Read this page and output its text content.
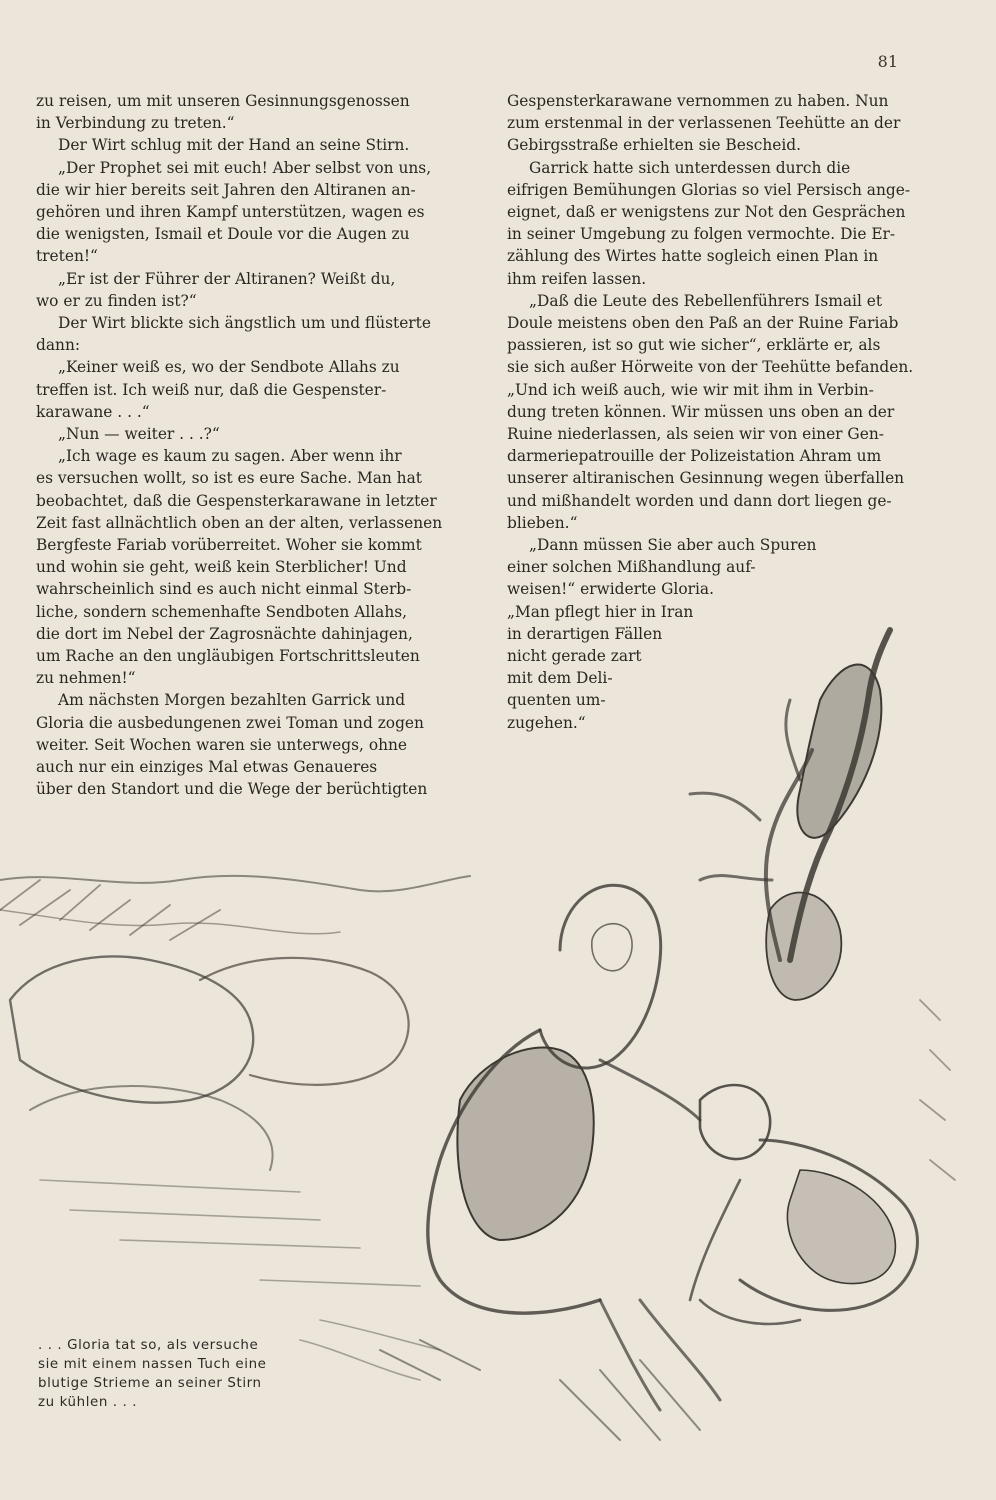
81

zu reisen, um mit unseren Gesinnungsgenossen
in Verbindung zu treten.“

Der Wirt schlug mit der Hand an seine Stirn.

„Der Prophet sei mit euch! Aber selbst von uns,
die wir hier bereits seit Jahren den Altiranen an-
gehören und ihren Kampf unterstützen, wagen es
die wenigsten, Ismail et Doule vor die Augen zu
treten!“

„Er ist der Führer der Altiranen? Weißt du,
wo er zu finden ist?“

Der Wirt blickte sich ängstlich um und flüsterte
dann:

„Keiner weiß es, wo der Sendbote Allahs zu
treffen ist. Ich weiß nur, daß die Gespenster-
karawane . . .“

„Nun — weiter . . .?“

„Ich wage es kaum zu sagen. Aber wenn ihr
es versuchen wollt, so ist es eure Sache. Man hat
beobachtet, daß die Gespensterkarawane in letzter
Zeit fast allnächtlich oben an der alten, verlassenen
Bergfeste Fariab vorüberreitet. Woher sie kommt
und wohin sie geht, weiß kein Sterblicher! Und
wahrscheinlich sind es auch nicht einmal Sterb-
liche, sondern schemenhafte Sendboten Allahs,
die dort im Nebel der Zagrosnächte dahinjagen,
um Rache an den ungläubigen Fortschrittsleuten
zu nehmen!“

Am nächsten Morgen bezahlten Garrick und
Gloria die ausbedungenen zwei Toman und zogen
weiter. Seit Wochen waren sie unterwegs, ohne
auch nur ein einziges Mal etwas Genaueres
über den Standort und die Wege der berüchtigten

Gespensterkarawane vernommen zu haben. Nun
zum erstenmal in der verlassenen Teehütte an der
Gebirgsstraße erhielten sie Bescheid.

Garrick hatte sich unterdessen durch die
eifrigen Bemühungen Glorias so viel Persisch ange-
eignet, daß er wenigstens zur Not den Gesprächen
in seiner Umgebung zu folgen vermochte. Die Er-
zählung des Wirtes hatte sogleich einen Plan in
ihm reifen lassen.

„Daß die Leute des Rebellenführers Ismail et
Doule meistens oben den Paß an der Ruine Fariab
passieren, ist so gut wie sicher“, erklärte er, als
sie sich außer Hörweite von der Teehütte befanden.
„Und ich weiß auch, wie wir mit ihm in Verbin-
dung treten können. Wir müssen uns oben an der
Ruine niederlassen, als seien wir von einer Gen-
darmeriepatrouille der Polizeistation Ahram um
unserer altiranischen Gesinnung wegen überfallen
und mißhandelt worden und dann dort liegen ge-
blieben.“

„Dann müssen Sie aber auch Spuren
einer solchen Mißhandlung auf-
weisen!“ erwiderte Gloria.
„Man pflegt hier in Iran
in derartigen Fällen
nicht gerade zart
mit dem Deli-
quenten um-
zugehen.“

. . . Gloria tat so, als versuche
sie mit einem nassen Tuch eine
blutige Strieme an seiner Stirn
zu kühlen . . .
